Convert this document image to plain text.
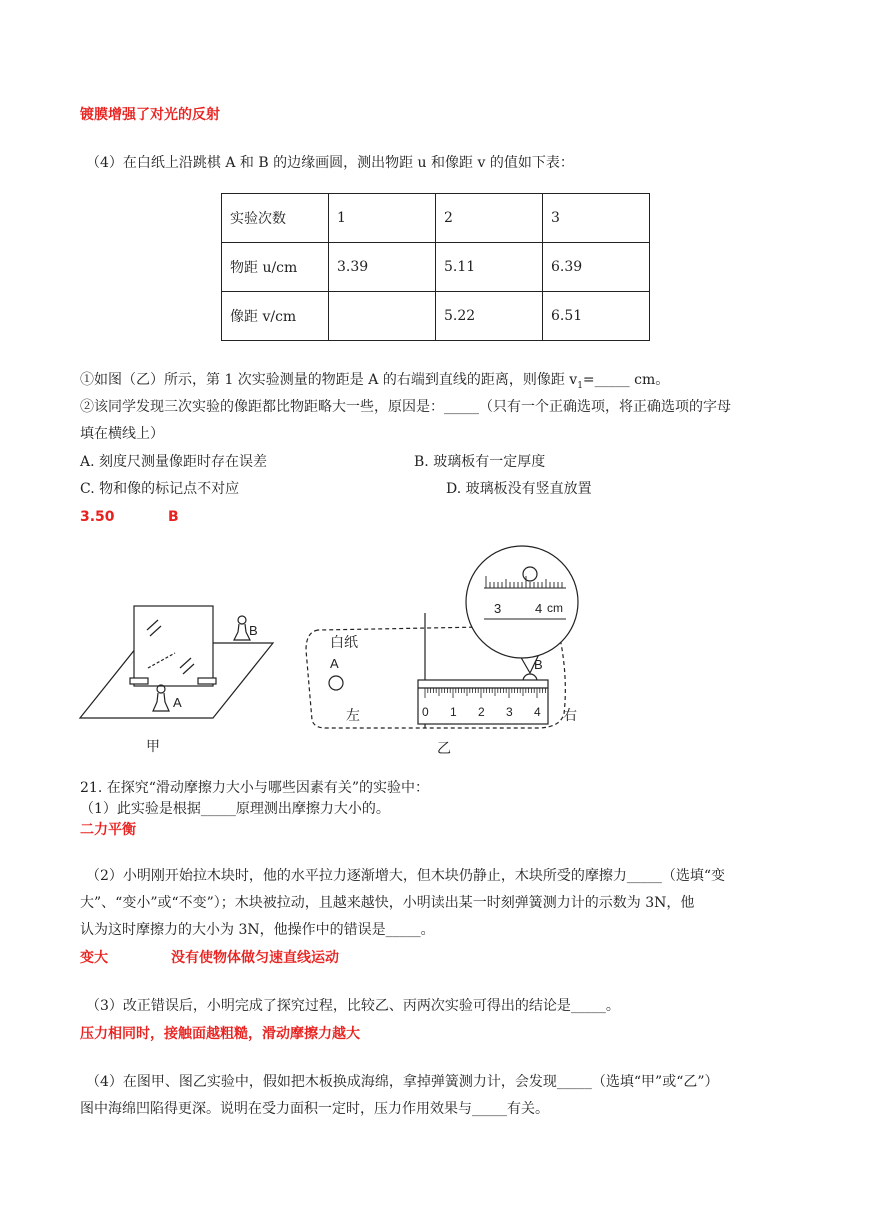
镀膜增强了对光的反射
（4）在白纸上沿跳棋 A 和 B 的边缘画圆，测出物距 u 和像距 v 的值如下表：
实验次数	1	2	3
物距 u/cm	3.39	5.11	6.39
像距 v/cm		5.22	6.51
①如图（乙）所示，第 1 次实验测量的物距是 A 的右端到直线的距离，则像距 $v_1=\_\_\_\_\_$ cm。
②该同学发现三次实验的像距都比物距略大一些，原因是：_____（只有一个正确选项，将正确选项的字母
填在横线上）
A. 刻度尺测量像距时存在误差	B. 玻璃板有一定厚度
C. 物和像的标记点不对应	D. 玻璃板没有竖直放置
3.50	B
A
B
甲
白纸
A	B
左	右
0 1 2 3 4
乙
3	4 cm
21. 在探究“滑动摩擦力大小与哪些因素有关”的实验中：
（1）此实验是根据_____原理测出摩擦力大小的。
二力平衡
（2）小明刚开始拉木块时，他的水平拉力逐渐增大，但木块仍静止，木块所受的摩擦力_____（选填“变
大”、“变小”或“不变”）；木块被拉动，且越来越快，小明读出某一时刻弹簧测力计的示数为 3N，他
认为这时摩擦力的大小为 3N，他操作中的错误是_____。
变大	没有使物体做匀速直线运动
（3）改正错误后，小明完成了探究过程，比较乙、丙两次实验可得出的结论是_____。
压力相同时，接触面越粗糙，滑动摩擦力越大
（4）在图甲、图乙实验中，假如把木板换成海绵，拿掉弹簧测力计，会发现_____（选填“甲”或“乙”）
图中海绵凹陷得更深。说明在受力面积一定时，压力作用效果与_____有关。
